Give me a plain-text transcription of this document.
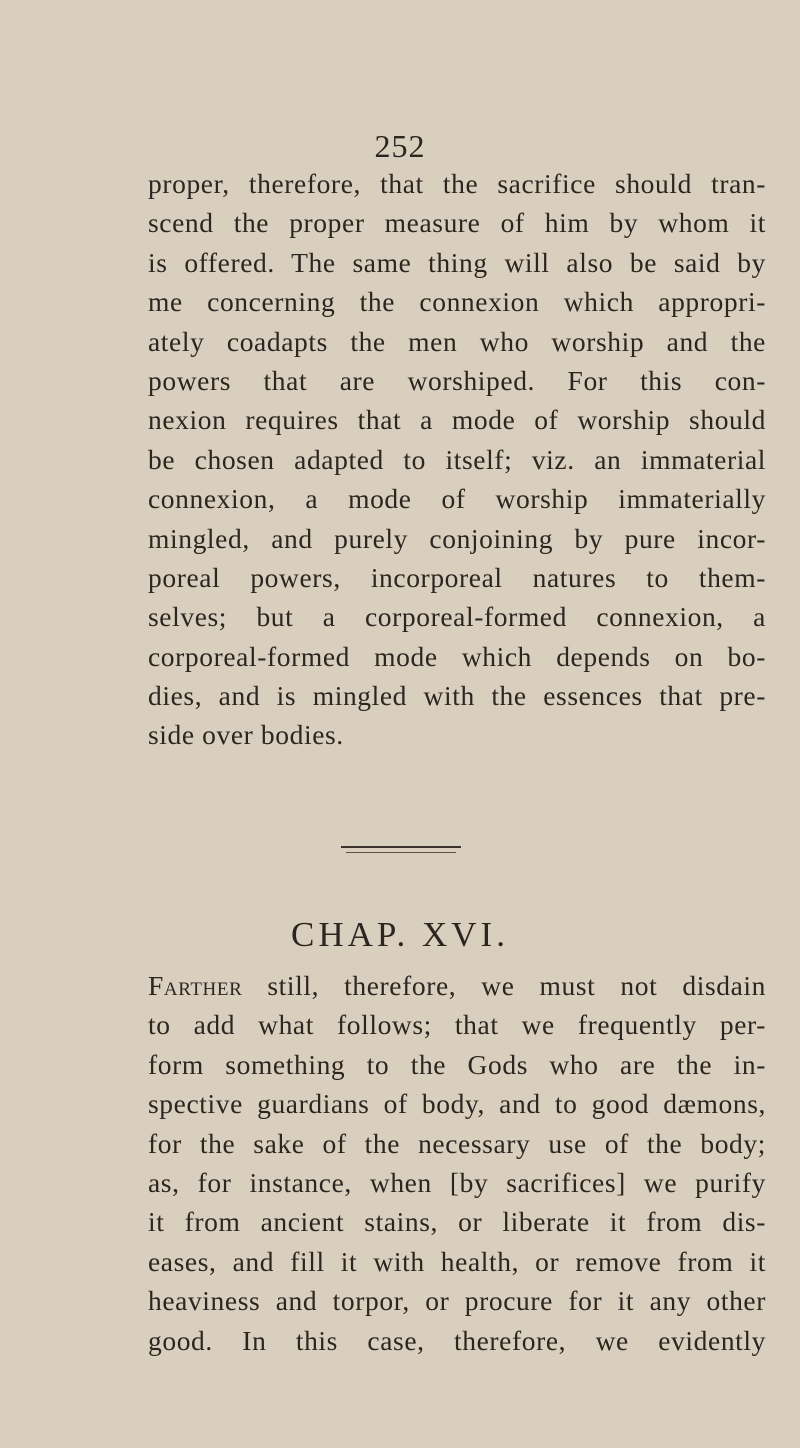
252
proper, therefore, that the sacrifice should tran-
scend the proper measure of him by whom it
is offered. The same thing will also be said by
me concerning the connexion which appropri-
ately coadapts the men who worship and the
powers that are worshiped. For this con-
nexion requires that a mode of worship should
be chosen adapted to itself; viz. an immaterial
connexion, a mode of worship immaterially
mingled, and purely conjoining by pure incor-
poreal powers, incorporeal natures to them-
selves; but a corporeal-formed connexion, a
corporeal-formed mode which depends on bo-
dies, and is mingled with the essences that pre-
side over bodies.
CHAP. XVI.
Farther still, therefore, we must not disdain
to add what follows; that we frequently per-
form something to the Gods who are the in-
spective guardians of body, and to good dæmons,
for the sake of the necessary use of the body;
as, for instance, when [by sacrifices] we purify
it from ancient stains, or liberate it from dis-
eases, and fill it with health, or remove from it
heaviness and torpor, or procure for it any other
good. In this case, therefore, we evidently
